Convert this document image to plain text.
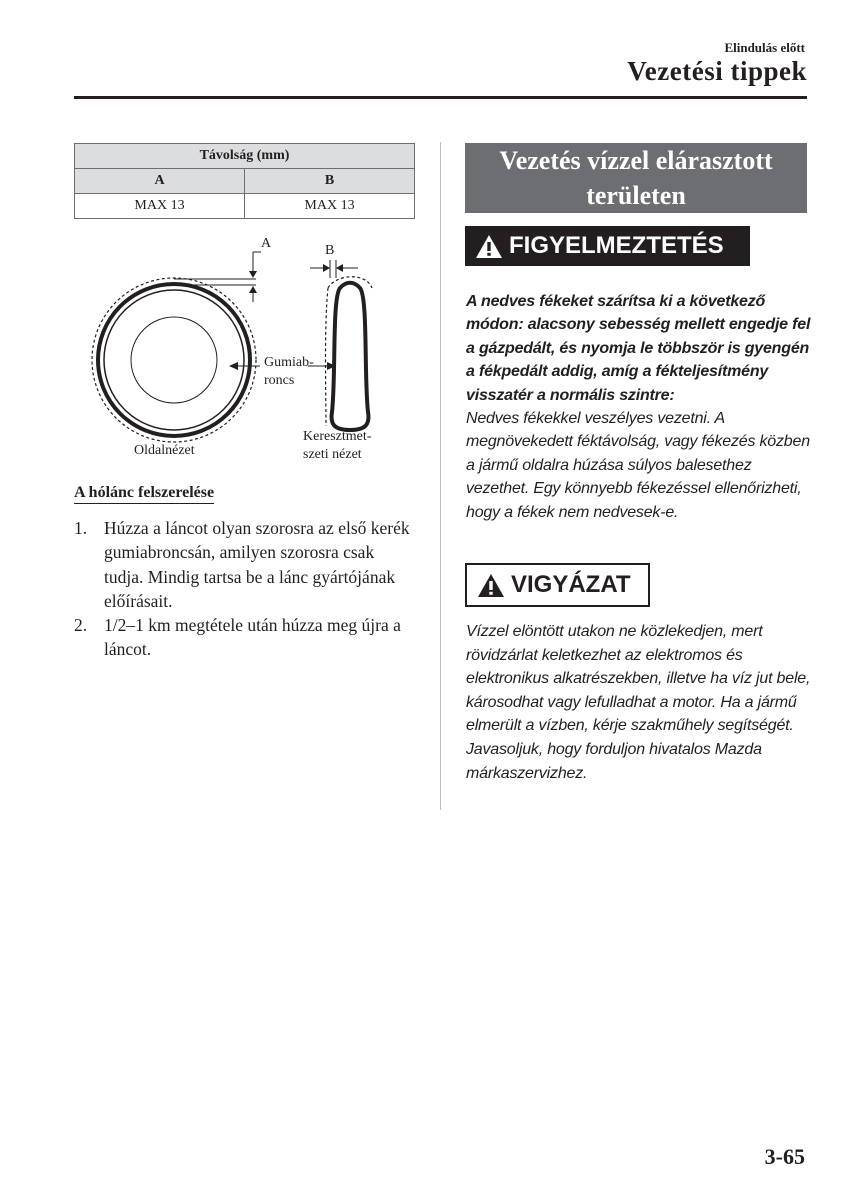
Elindulás előtt
Vezetési tippek
Távolság (mm)	
A	B
MAX 13	MAX 13
A	B
Gumiab-
roncs
Oldalnézet
Keresztmet-
szeti nézet
A hólánc felszerelése
1. Húzza a láncot olyan szorosra az első kerék gumiabroncsán, amilyen szorosra csak tudja. Mindig tartsa be a lánc gyártójának előírásait.
2. 1/2–1 km megtétele után húzza meg újra a láncot.
Vezetés vízzel elárasztott
területen
FIGYELMEZTETÉS
A nedves fékeket szárítsa ki a következő módon: alacsony sebesség mellett engedje fel a gázpedált, és nyomja le többször is gyengén a fékpedált addig, amíg a fékteljesítmény visszatér a normális szintre:
Nedves fékekkel veszélyes vezetni. A megnövekedett féktávolság, vagy fékezés közben a jármű oldalra húzása súlyos balesethez vezethet. Egy könnyebb fékezéssel ellenőrizheti, hogy a fékek nem nedvesek-e.
VIGYÁZAT
Vízzel elöntött utakon ne közlekedjen, mert rövidzárlat keletkezhet az elektromos és elektronikus alkatrészekben, illetve ha víz jut bele, károsodhat vagy lefulladhat a motor. Ha a jármű elmerült a vízben, kérje szakműhely segítségét. Javasoljuk, hogy forduljon hivatalos Mazda márkaszervizhez.
3-65
